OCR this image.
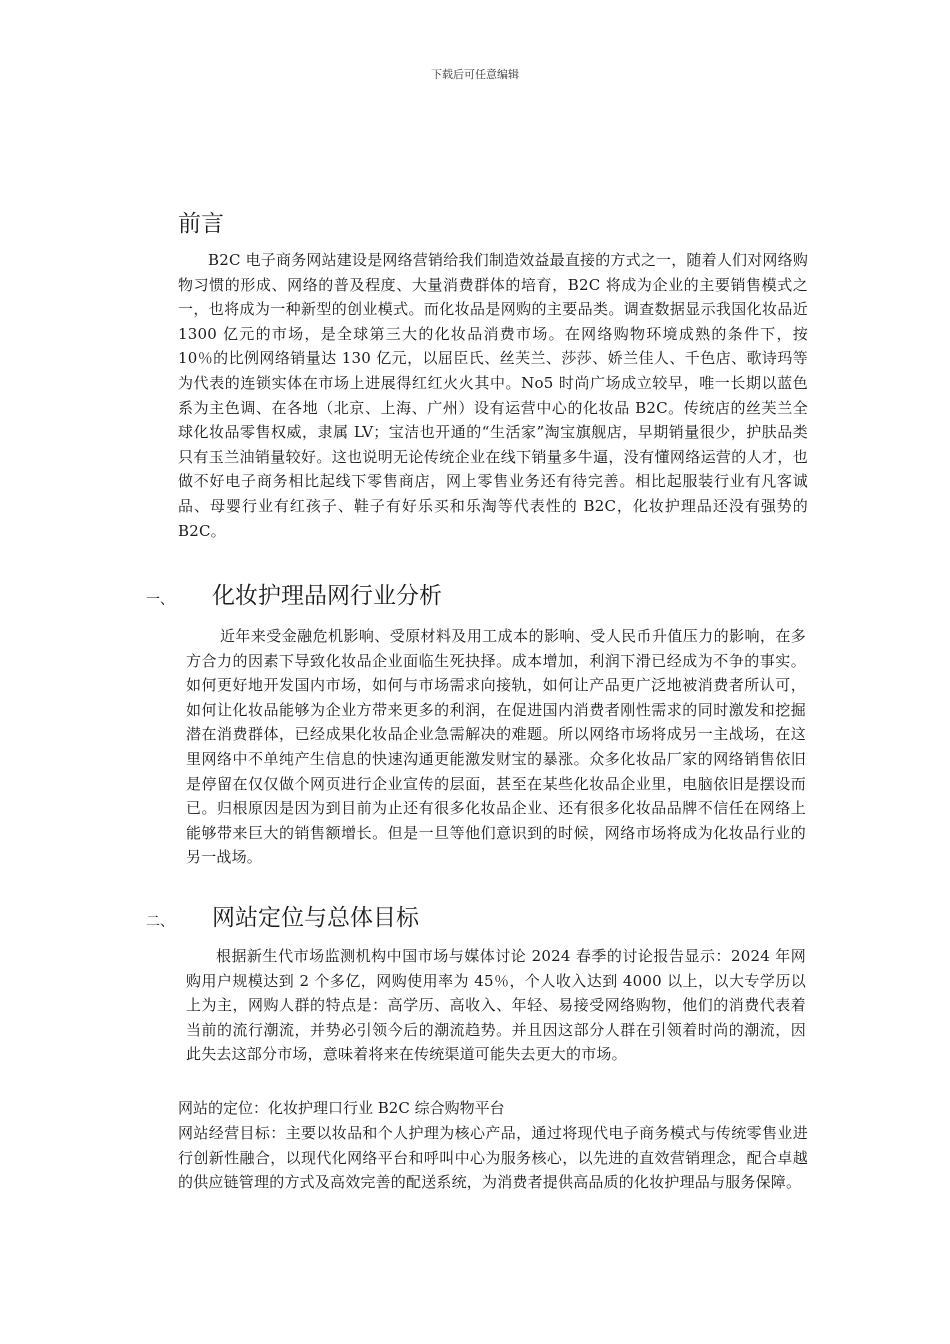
下载后可任意编辑
前言

B2C 电子商务网站建设是网络营销给我们制造效益最直接的方式之一，随着人们对网络购物习惯的形成、网络的普及程度、大量消费群体的培育，B2C 将成为企业的主要销售模式之一，也将成为一种新型的创业模式。而化妆品是网购的主要品类。调查数据显示我国化妆品近 1300 亿元的市场，是全球第三大的化妆品消费市场。在网络购物环境成熟的条件下，按 10％的比例网络销量达 130 亿元，以屈臣氏、丝芙兰、莎莎、娇兰佳人、千色店、歌诗玛等为代表的连锁实体在市场上进展得红红火火其中。No5 时尚广场成立较早，唯一长期以蓝色系为主色调、在各地（北京、上海、广州）设有运营中心的化妆品 B2C。传统店的丝芙兰全球化妆品零售权威，隶属 LV；宝洁也开通的“生活家”淘宝旗舰店，早期销量很少，护肤品类只有玉兰油销量较好。这也说明无论传统企业在线下销量多牛逼，没有懂网络运营的人才，也做不好电子商务相比起线下零售商店，网上零售业务还有待完善。相比起服装行业有凡客诚品、母婴行业有红孩子、鞋子有好乐买和乐淘等代表性的 B2C，化妆护理品还没有强势的 B2C。

一、 化妆护理品网行业分析

近年来受金融危机影响、受原材料及用工成本的影响、受人民币升值压力的影响，在多方合力的因素下导致化妆品企业面临生死抉择。成本增加，利润下滑已经成为不争的事实。如何更好地开发国内市场，如何与市场需求向接轨，如何让产品更广泛地被消费者所认可，如何让化妆品能够为企业方带来更多的利润，在促进国内消费者刚性需求的同时激发和挖掘潜在消费群体，已经成果化妆品企业急需解决的难题。所以网络市场将成另一主战场，在这里网络中不单纯产生信息的快速沟通更能激发财宝的暴涨。众多化妆品厂家的网络销售依旧是停留在仅仅做个网页进行企业宣传的层面，甚至在某些化妆品企业里，电脑依旧是摆设而已。归根原因是因为到目前为止还有很多化妆品企业、还有很多化妆品品牌不信任在网络上能够带来巨大的销售额增长。但是一旦等他们意识到的时候，网络市场将成为化妆品行业的另一战场。

二、 网站定位与总体目标

根据新生代市场监测机构中国市场与媒体讨论 2024 春季的讨论报告显示：2024 年网购用户规模达到 2 个多亿，网购使用率为 45％，个人收入达到 4000 以上，以大专学历以上为主，网购人群的特点是：高学历、高收入、年轻、易接受网络购物，他们的消费代表着当前的流行潮流，并势必引领今后的潮流趋势。并且因这部分人群在引领着时尚的潮流，因此失去这部分市场，意味着将来在传统渠道可能失去更大的市场。

网站的定位：化妆护理口行业 B2C 综合购物平台

网站经营目标：主要以妆品和个人护理为核心产品，通过将现代电子商务模式与传统零售业进行创新性融合，以现代化网络平台和呼叫中心为服务核心，以先进的直效营销理念，配合卓越的供应链管理的方式及高效完善的配送系统，为消费者提供高品质的化妆护理品与服务保障。
